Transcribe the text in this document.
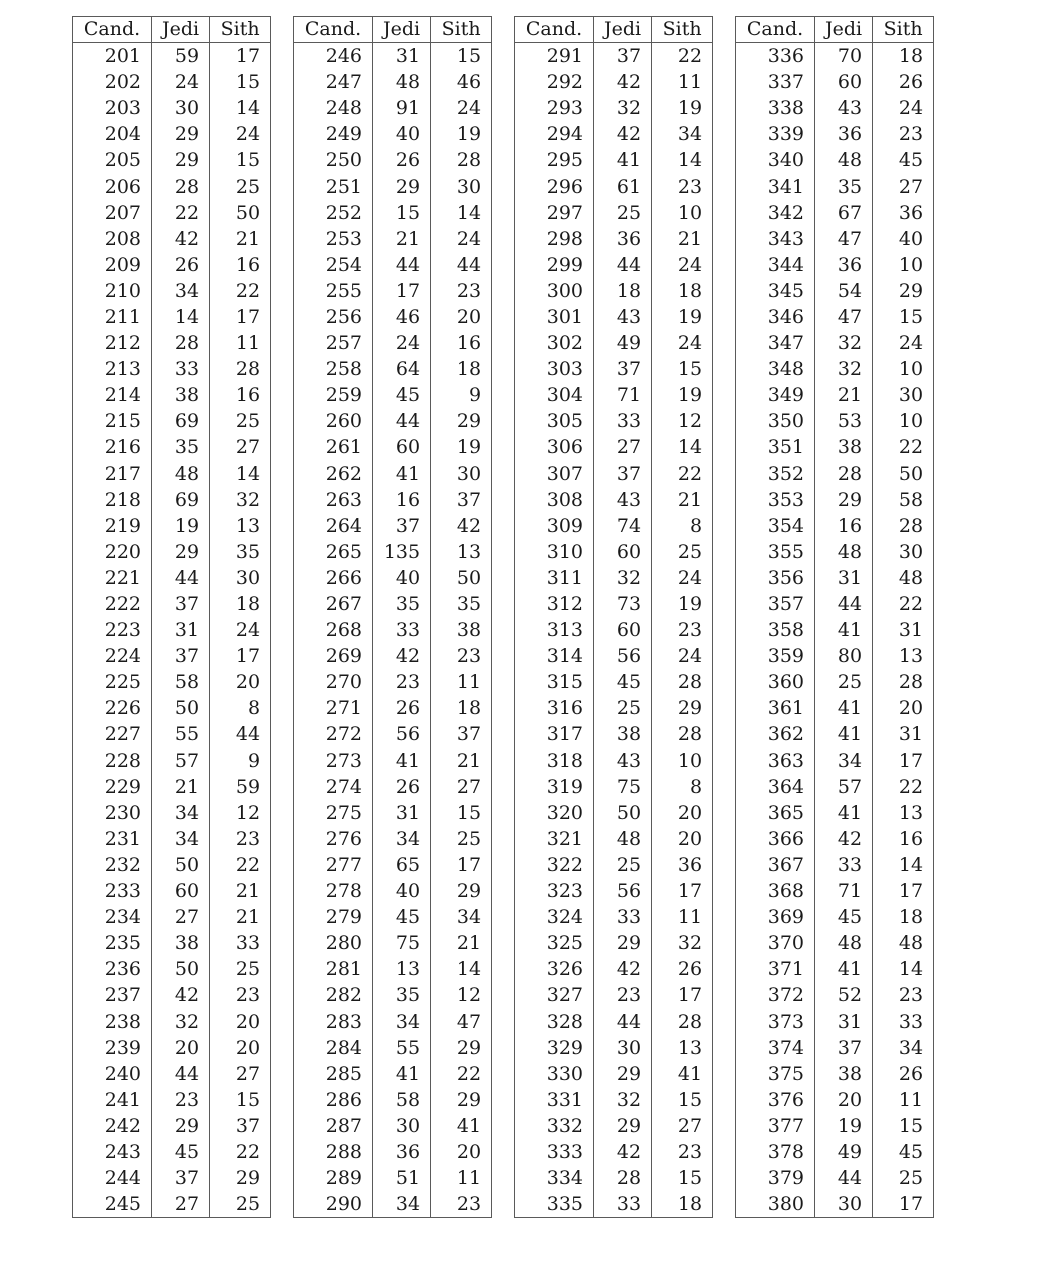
Cand.	Jedi	Sith
201	59	17
202	24	15
203	30	14
204	29	24
205	29	15
206	28	25
207	22	50
208	42	21
209	26	16
210	34	22
211	14	17
212	28	11
213	33	28
214	38	16
215	69	25
216	35	27
217	48	14
218	69	32
219	19	13
220	29	35
221	44	30
222	37	18
223	31	24
224	37	17
225	58	20
226	50	8
227	55	44
228	57	9
229	21	59
230	34	12
231	34	23
232	50	22
233	60	21
234	27	21
235	38	33
236	50	25
237	42	23
238	32	20
239	20	20
240	44	27
241	23	15
242	29	37
243	45	22
244	37	29
245	27	25
Cand.	Jedi	Sith
246	31	15
247	48	46
248	91	24
249	40	19
250	26	28
251	29	30
252	15	14
253	21	24
254	44	44
255	17	23
256	46	20
257	24	16
258	64	18
259	45	9
260	44	29
261	60	19
262	41	30
263	16	37
264	37	42
265	135	13
266	40	50
267	35	35
268	33	38
269	42	23
270	23	11
271	26	18
272	56	37
273	41	21
274	26	27
275	31	15
276	34	25
277	65	17
278	40	29
279	45	34
280	75	21
281	13	14
282	35	12
283	34	47
284	55	29
285	41	22
286	58	29
287	30	41
288	36	20
289	51	11
290	34	23
Cand.	Jedi	Sith
291	37	22
292	42	11
293	32	19
294	42	34
295	41	14
296	61	23
297	25	10
298	36	21
299	44	24
300	18	18
301	43	19
302	49	24
303	37	15
304	71	19
305	33	12
306	27	14
307	37	22
308	43	21
309	74	8
310	60	25
311	32	24
312	73	19
313	60	23
314	56	24
315	45	28
316	25	29
317	38	28
318	43	10
319	75	8
320	50	20
321	48	20
322	25	36
323	56	17
324	33	11
325	29	32
326	42	26
327	23	17
328	44	28
329	30	13
330	29	41
331	32	15
332	29	27
333	42	23
334	28	15
335	33	18
Cand.	Jedi	Sith
336	70	18
337	60	26
338	43	24
339	36	23
340	48	45
341	35	27
342	67	36
343	47	40
344	36	10
345	54	29
346	47	15
347	32	24
348	32	10
349	21	30
350	53	10
351	38	22
352	28	50
353	29	58
354	16	28
355	48	30
356	31	48
357	44	22
358	41	31
359	80	13
360	25	28
361	41	20
362	41	31
363	34	17
364	57	22
365	41	13
366	42	16
367	33	14
368	71	17
369	45	18
370	48	48
371	41	14
372	52	23
373	31	33
374	37	34
375	38	26
376	20	11
377	19	15
378	49	45
379	44	25
380	30	17
